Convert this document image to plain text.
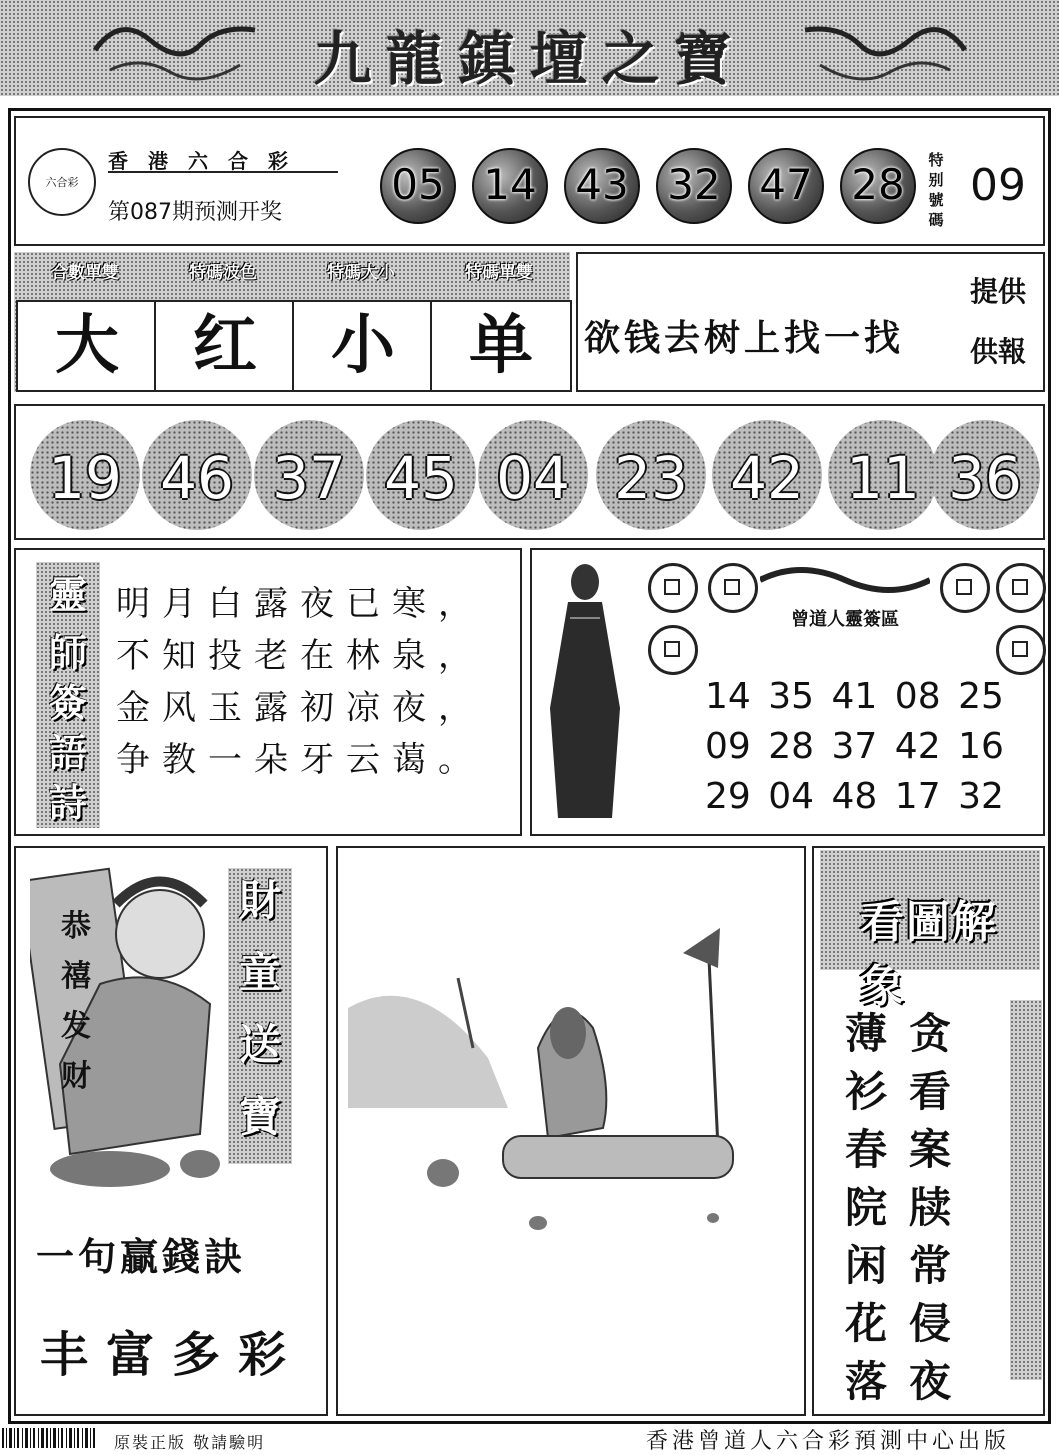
九龍鎮壇之寶
六合彩
香港六合彩
第087期预测开奖
05 14 43 32 47 28	特别號碼
09
合數單雙	特碼波色	特碼大小	特碼單雙
大	红	小	单	欲钱去树上找一找
提供 供報
19 46 37 45 04 23 42 11 36
靈
師
簽
語
詩
明月白露夜已寒，
不知投老在林泉，
金风玉露初凉夜，
争教一朵牙云蔼。
曾道人靈簽區
14 35 41 08 25
09 28 37 42 16
29 04 48 17 32
恭禧发财
財
童
送
寶
一句贏錢訣
丰富多彩
看圖解象
贪
看
案
牍
常
侵
夜
薄
衫
春
院
闲
花
落
原裝正版 敬請驗明	香港曾道人六合彩預測中心出版
